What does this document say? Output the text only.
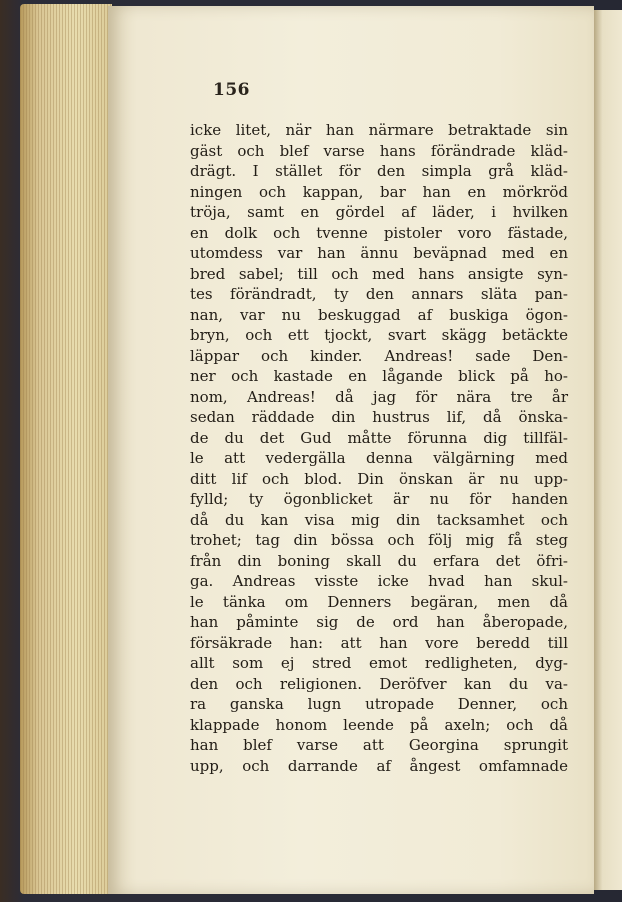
156
icke litet, när han närmare betraktade sin
gäst och blef varse hans förändrade kläd-
drägt. I stället för den simpla grå kläd-
ningen och kappan, bar han en mörkröd
tröja, samt en gördel af läder, i hvilken
en dolk och tvenne pistoler voro fästade,
utomdess var han ännu beväpnad med en
bred sabel; till och med hans ansigte syn-
tes förändradt, ty den annars släta pan-
nan, var nu beskuggad af buskiga ögon-
bryn, och ett tjockt, svart skägg betäckte
läppar och kinder. Andreas! sade Den-
ner och kastade en lågande blick på ho-
nom, Andreas! då jag för nära tre år
sedan räddade din hustrus lif, då önska-
de du det Gud måtte förunna dig tillfäl-
le att vedergälla denna välgärning med
ditt lif och blod. Din önskan är nu upp-
fylld; ty ögonblicket är nu för handen
då du kan visa mig din tacksamhet och
trohet; tag din bössa och följ mig få steg
från din boning skall du erfara det öfri-
ga. Andreas visste icke hvad han skul-
le tänka om Denners begäran, men då
han påminte sig de ord han åberopade,
försäkrade han: att han vore beredd till
allt som ej stred emot redligheten, dyg-
den och religionen. Deröfver kan du va-
ra ganska lugn utropade Denner, och
klappade honom leende på axeln; och då
han blef varse att Georgina sprungit
upp, och darrande af ångest omfamnade
